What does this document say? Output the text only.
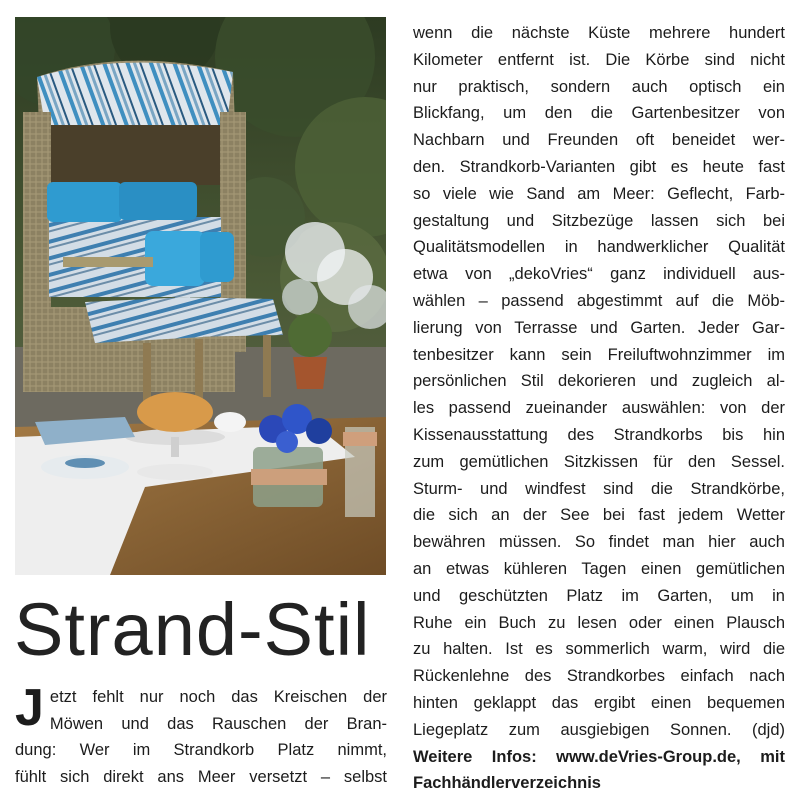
Strand-Stil
J etzt fehlt nur noch das Kreischen der
Möwen und das Rauschen der Bran-
dung: Wer im Strandkorb Platz nimmt,
fühlt sich direkt ans Meer versetzt – selbst
wenn die nächste Küste mehrere hundert
Kilometer entfernt ist. Die Körbe sind nicht
nur praktisch, sondern auch optisch ein
Blickfang, um den die Gartenbesitzer von
Nachbarn und Freunden oft beneidet wer-
den. Strandkorb-Varianten gibt es heute fast
so viele wie Sand am Meer: Geflecht, Farb-
gestaltung und Sitzbezüge lassen sich bei
Qualitätsmodellen in handwerklicher Qualität
etwa von „dekoVries“ ganz individuell aus-
wählen – passend abgestimmt auf die Möb-
lierung von Terrasse und Garten. Jeder Gar-
tenbesitzer kann sein Freiluftwohnzimmer im
persönlichen Stil dekorieren und zugleich al-
les passend zueinander auswählen: von der
Kissenausstattung des Strandkorbs bis hin
zum gemütlichen Sitzkissen für den Sessel.
Sturm- und windfest sind die Strandkörbe,
die sich an der See bei fast jedem Wetter
bewähren müssen. So findet man hier auch
an etwas kühleren Tagen einen gemütlichen
und geschützten Platz im Garten, um in
Ruhe ein Buch zu lesen oder einen Plausch
zu halten. Ist es sommerlich warm, wird die
Rückenlehne des Strandkorbes einfach nach
hinten geklappt das ergibt einen bequemen
Liegeplatz zum ausgiebigen Sonnen. (djd)
Weitere Infos: www.deVries-Group.de, mit
Fachhändlerverzeichnis
